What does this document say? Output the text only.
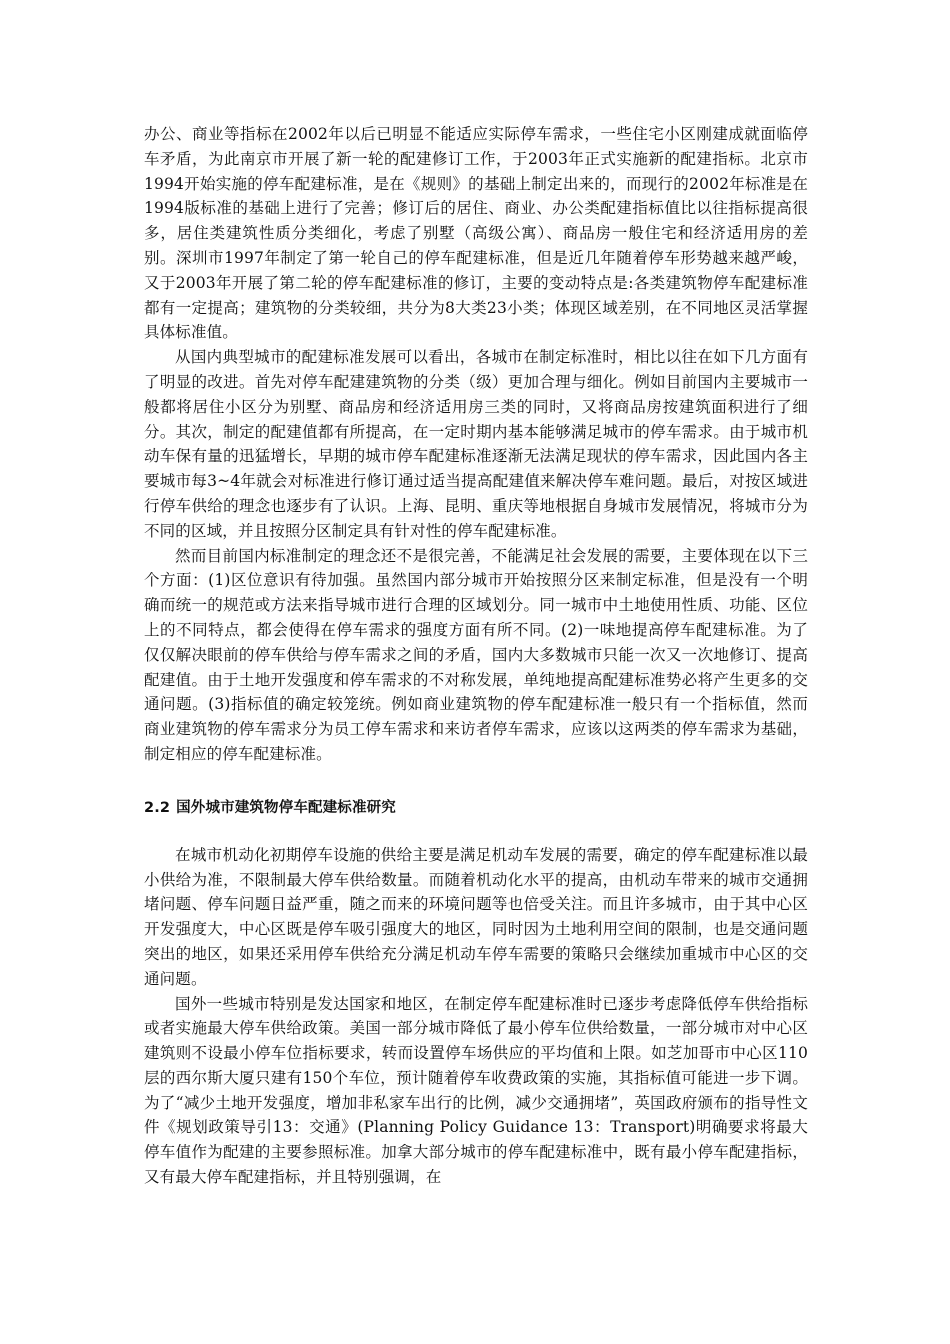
办公、商业等指标在2002年以后已明显不能适应实际停车需求，一些住宅小区刚建成就面临停车矛盾，为此南京市开展了新一轮的配建修订工作，于2003年正式实施新的配建指标。北京市1994开始实施的停车配建标准，是在《规则》的基础上制定出来的，而现行的2002年标准是在1994版标准的基础上进行了完善；修订后的居住、商业、办公类配建指标值比以往指标提高很多，居住类建筑性质分类细化，考虑了别墅（高级公寓）、商品房一般住宅和经济适用房的差别。深圳市1997年制定了第一轮自己的停车配建标准，但是近几年随着停车形势越来越严峻，又于2003年开展了第二轮的停车配建标准的修订，主要的变动特点是:各类建筑物停车配建标准都有一定提高；建筑物的分类较细，共分为8大类23小类；体现区域差别，在不同地区灵活掌握具体标准值。

从国内典型城市的配建标准发展可以看出，各城市在制定标准时，相比以往在如下几方面有了明显的改进。首先对停车配建建筑物的分类（级）更加合理与细化。例如目前国内主要城市一般都将居住小区分为别墅、商品房和经济适用房三类的同时，又将商品房按建筑面积进行了细分。其次，制定的配建值都有所提高，在一定时期内基本能够满足城市的停车需求。由于城市机动车保有量的迅猛增长，早期的城市停车配建标准逐渐无法满足现状的停车需求，因此国内各主要城市每3~4年就会对标准进行修订通过适当提高配建值来解决停车难问题。最后，对按区域进行停车供给的理念也逐步有了认识。上海、昆明、重庆等地根据自身城市发展情况，将城市分为不同的区域，并且按照分区制定具有针对性的停车配建标准。

然而目前国内标准制定的理念还不是很完善，不能满足社会发展的需要，主要体现在以下三个方面：(1)区位意识有待加强。虽然国内部分城市开始按照分区来制定标准，但是没有一个明确而统一的规范或方法来指导城市进行合理的区域划分。同一城市中土地使用性质、功能、区位上的不同特点，都会使得在停车需求的强度方面有所不同。(2)一味地提高停车配建标准。为了仅仅解决眼前的停车供给与停车需求之间的矛盾，国内大多数城市只能一次又一次地修订、提高配建值。由于土地开发强度和停车需求的不对称发展，单纯地提高配建标准势必将产生更多的交通问题。(3)指标值的确定较笼统。例如商业建筑物的停车配建标准一般只有一个指标值，然而商业建筑物的停车需求分为员工停车需求和来访者停车需求，应该以这两类的停车需求为基础，制定相应的停车配建标准。

2.2 国外城市建筑物停车配建标准研究

在城市机动化初期停车设施的供给主要是满足机动车发展的需要，确定的停车配建标准以最小供给为准，不限制最大停车供给数量。而随着机动化水平的提高，由机动车带来的城市交通拥堵问题、停车问题日益严重，随之而来的环境问题等也倍受关注。而且许多城市，由于其中心区开发强度大，中心区既是停车吸引强度大的地区，同时因为土地利用空间的限制，也是交通问题突出的地区，如果还采用停车供给充分满足机动车停车需要的策略只会继续加重城市中心区的交通问题。

国外一些城市特别是发达国家和地区，在制定停车配建标准时已逐步考虑降低停车供给指标或者实施最大停车供给政策。美国一部分城市降低了最小停车位供给数量，一部分城市对中心区建筑则不设最小停车位指标要求，转而设置停车场供应的平均值和上限。如芝加哥市中心区110层的西尔斯大厦只建有150个车位，预计随着停车收费政策的实施，其指标值可能进一步下调。为了“减少土地开发强度，增加非私家车出行的比例，减少交通拥堵”，英国政府颁布的指导性文件《规划政策导引13：交通》(Planning Policy Guidance 13：Transport)明确要求将最大停车值作为配建的主要参照标准。加拿大部分城市的停车配建标准中，既有最小停车配建指标，又有最大停车配建指标，并且特别强调，在
